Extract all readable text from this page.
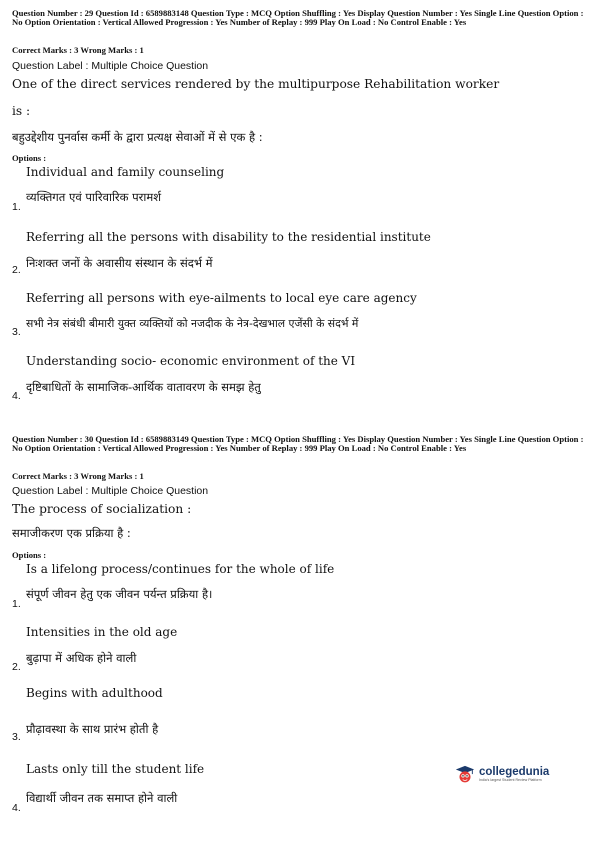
Question Number : 29 Question Id : 6589883148 Question Type : MCQ Option Shuffling : Yes Display Question Number : Yes Single Line Question Option : No Option Orientation : Vertical Allowed Progression : Yes Number of Replay : 999 Play On Load : No Control Enable : Yes

Correct Marks : 3 Wrong Marks : 1
Question Label : Multiple Choice Question
One of the direct services rendered by the multipurpose Rehabilitation worker
is :
बहुउद्देशीय पुनर्वास कर्मी के द्वारा प्रत्यक्ष सेवाओं में से एक है :
Options :
Individual and family counseling
व्यक्तिगत एवं पारिवारिक परामर्श
1.
Referring all the persons with disability to the residential institute
निःशक्त जनों के अवासीय संस्थान के संदर्भ में
2.
Referring all persons with eye-ailments to local eye care agency
सभी नेत्र संबंधी बीमारी युक्त व्यक्तियों को नजदीक के नेत्र-देखभाल एजेंसी के संदर्भ में
3.
Understanding socio- economic environment of the VI
दृष्टिबाधितों के सामाजिक-आर्थिक वातावरण के समझ हेतु
4.

Question Number : 30 Question Id : 6589883149 Question Type : MCQ Option Shuffling : Yes Display Question Number : Yes Single Line Question Option : No Option Orientation : Vertical Allowed Progression : Yes Number of Replay : 999 Play On Load : No Control Enable : Yes

Correct Marks : 3 Wrong Marks : 1
Question Label : Multiple Choice Question
The process of socialization :
समाजीकरण एक प्रक्रिया है :
Options :
Is a lifelong process/continues for the whole of life
संपूर्ण जीवन हेतु एक जीवन पर्यन्त प्रक्रिया है।
1.
Intensities in the old age
बुढ़ापा में अधिक होने वाली
2.
Begins with adulthood
प्रौढ़ावस्था के साथ प्रारंभ होती है
3.
Lasts only till the student life
विद्यार्थी जीवन तक समाप्त होने वाली
4.
collegedunia
India's largest Student Review Platform
